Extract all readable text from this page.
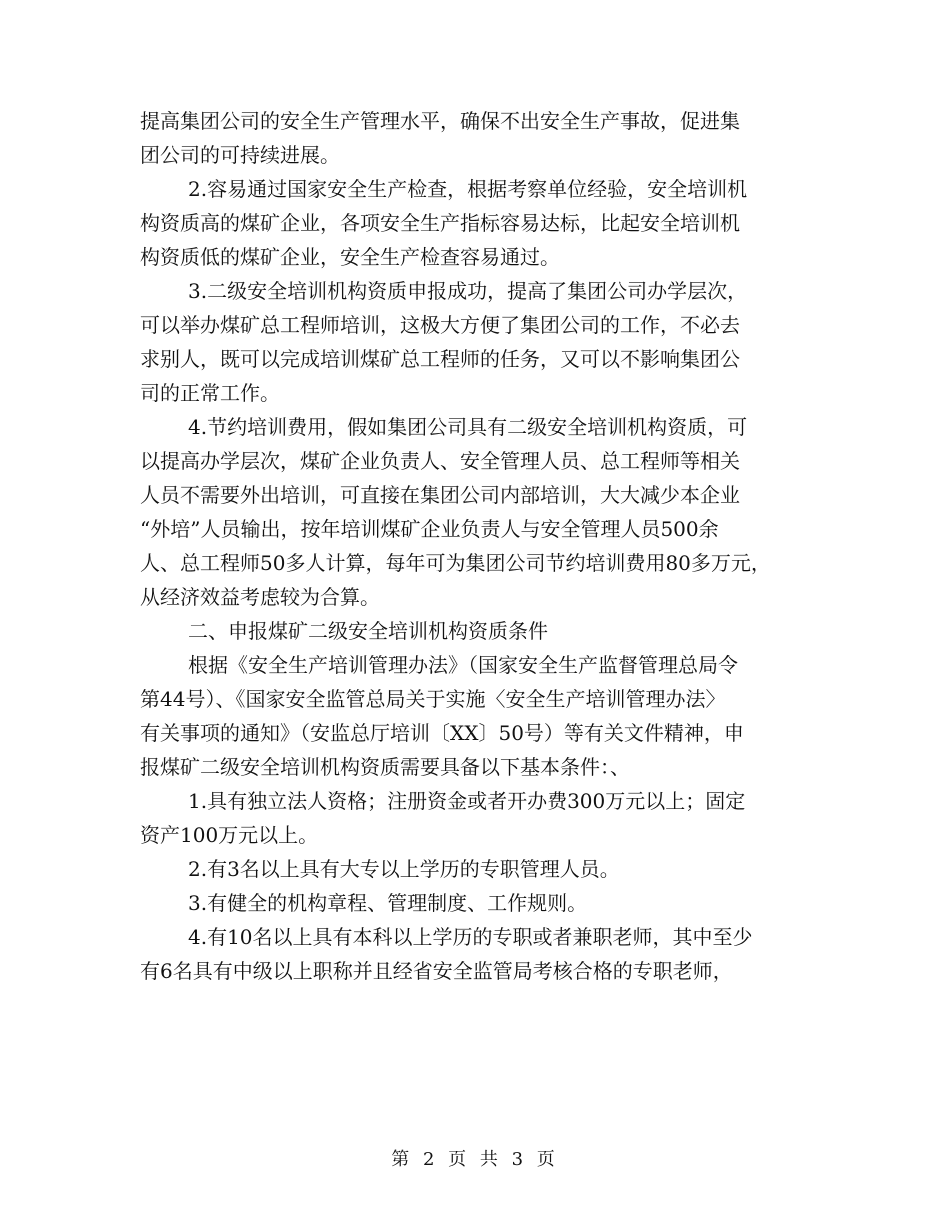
提高集团公司的安全生产管理水平，确保不出安全生产事故，促进集
团公司的可持续进展。
2.容易通过国家安全生产检查，根据考察单位经验，安全培训机
构资质高的煤矿企业，各项安全生产指标容易达标，比起安全培训机
构资质低的煤矿企业，安全生产检查容易通过。
3.二级安全培训机构资质申报成功，提高了集团公司办学层次，
可以举办煤矿总工程师培训，这极大方便了集团公司的工作，不必去
求别人，既可以完成培训煤矿总工程师的任务，又可以不影响集团公
司的正常工作。
4.节约培训费用，假如集团公司具有二级安全培训机构资质，可
以提高办学层次，煤矿企业负责人、安全管理人员、总工程师等相关
人员不需要外出培训，可直接在集团公司内部培训，大大减少本企业
“外培”人员输出，按年培训煤矿企业负责人与安全管理人员500余
人、总工程师50多人计算，每年可为集团公司节约培训费用80多万元，
从经济效益考虑较为合算。
二、申报煤矿二级安全培训机构资质条件
根据《安全生产培训管理办法》（国家安全生产监督管理总局令
第44号）、《国家安全监管总局关于实施〈安全生产培训管理办法〉
有关事项的通知》（安监总厅培训〔XX〕50号）等有关文件精神，申
报煤矿二级安全培训机构资质需要具备以下基本条件：、
1.具有独立法人资格；注册资金或者开办费300万元以上；固定
资产100万元以上。
2.有3名以上具有大专以上学历的专职管理人员。
3.有健全的机构章程、管理制度、工作规则。
4.有10名以上具有本科以上学历的专职或者兼职老师，其中至少
有6名具有中级以上职称并且经省安全监管局考核合格的专职老师，
第 2 页 共 3 页
